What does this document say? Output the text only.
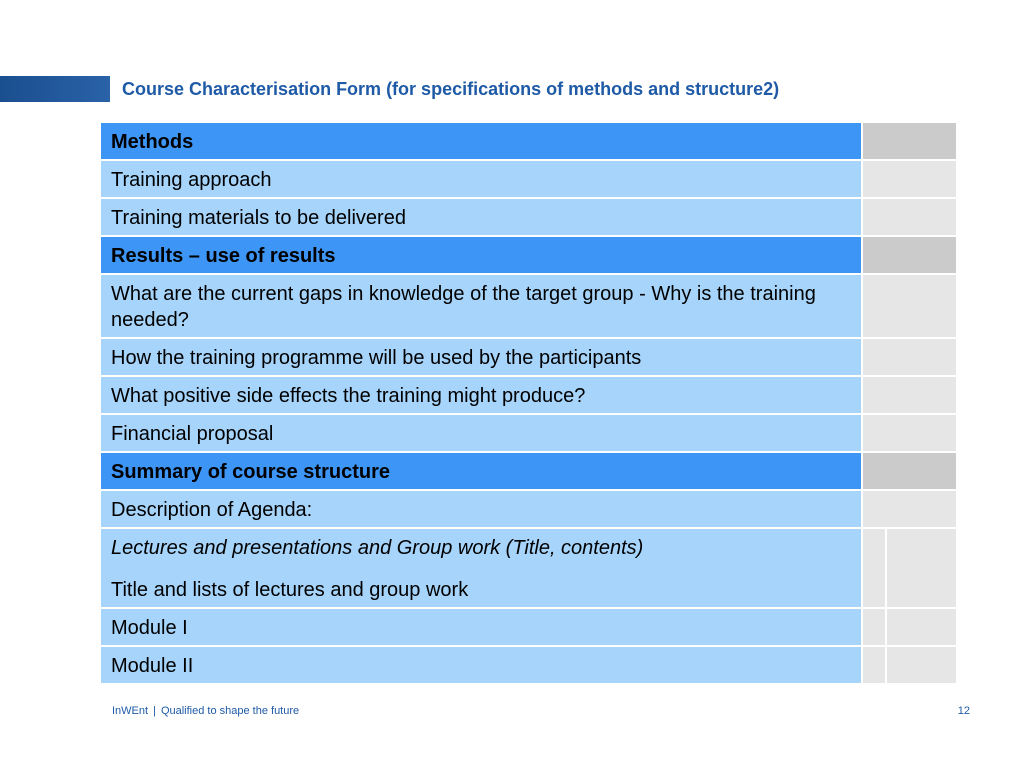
Course Characterisation Form (for specifications of methods and structure2)
Methods		
Training approach		
Training materials to be delivered		
Results – use of results		
What are the current gaps in knowledge of the target group - Why is the training needed?		
How the training programme will be used by the participants		
What positive side effects the training might produce?		
Financial proposal		
Summary of course structure		
Description of Agenda:		

Lectures and presentations and Group work (Title, contents)
Title and lists of lectures and group work		

Module I		
Module II		
InWEnt | Qualified to shape the future	12
